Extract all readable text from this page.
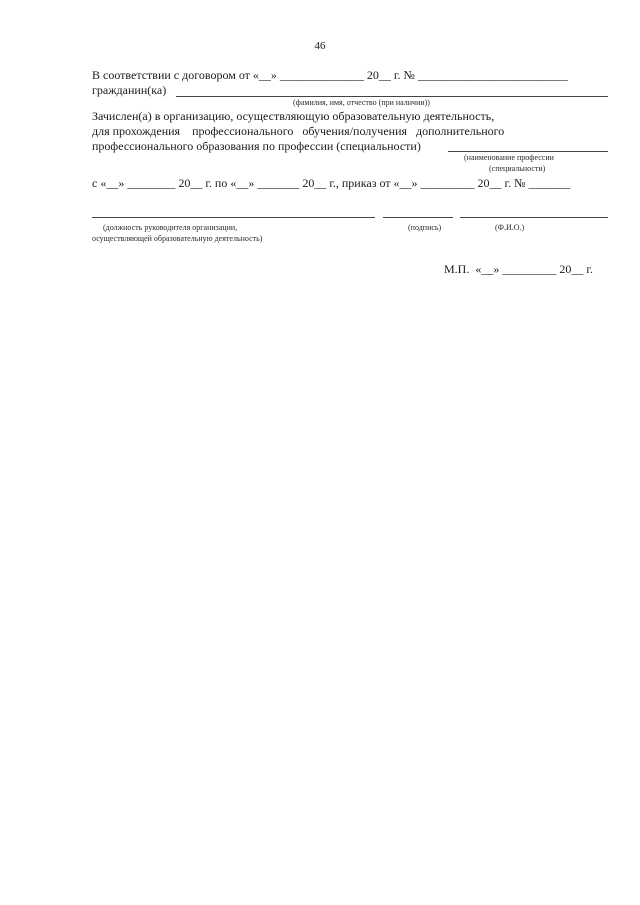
46
В соответствии с договором от «__» ______________ 20__ г. № _________________________
гражданин(ка)
(фамилия, имя, отчество (при наличии))
Зачислен(а) в организацию, осуществляющую образовательную деятельность,
для прохождения    профессионального   обучения/получения   дополнительного
профессионального образования по профессии (специальности)
(наименование профессии
(специальности)
с «__» ________ 20__ г. по «__» _______ 20__ г., приказ от «__» _________ 20__ г. № _______
(должность руководителя организации,
осуществляющей образовательную деятельность)
(подпись)	(Ф.И.О.)
М.П.  «__» _________ 20__ г.
